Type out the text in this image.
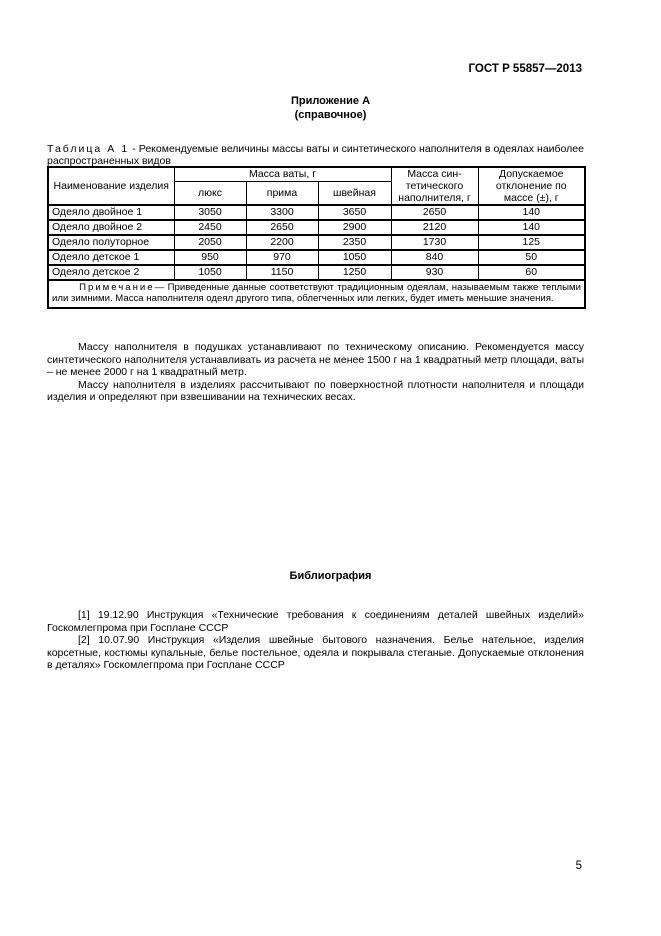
ГОСТ Р 55857—2013
Приложение А
(справочное)
Таблица А 1 - Рекомендуемые величины массы ваты и синтетического наполнителя в одеялах наиболее распространенных видов
Наименование изделия	Масса ваты, г			Масса син-тетического наполнителя, г	Допускаемое отклонение по массе (±), г
	люкс	прима	швейная		
Одеяло двойное 1	3050	3300	3650	2650	140
Одеяло двойное 2	2450	2650	2900	2120	140
Одеяло полуторное	2050	2200	2350	1730	125
Одеяло детское 1	950	970	1050	840	50
Одеяло детское 2	1050	1150	1250	930	60
Примечание— Приведенные данные соответствуют традиционным одеялам, называемым также теплыми или зимними. Масса наполнителя одеял другого типа, облегченных или легких, будет иметь меньшие значения.					

Массу наполнителя в подушках устанавливают по техническому описанию. Рекомендуется массу синтетического наполнителя устанавливать из расчета не менее 1500 г на 1 квадратный метр площади, ваты – не менее 2000 г на 1 квадратный метр.

Массу наполнителя в изделиях рассчитывают по поверхностной плотности наполнителя и площади изделия и определяют при взвешивании на технических весах.

Библиография

[1] 19.12.90 Инструкция «Технические требования к соединениям деталей швейных изделий» Госкомлегпрома при Госплане СССР

[2] 10.07.90 Инструкция «Изделия швейные бытового назначения. Белье нательное, изделия корсетные, костюмы купальные, белье постельное, одеяла и покрывала стеганые. Допускаемые отклонения в деталях» Госкомлегпрома при Госплане СССР

5
